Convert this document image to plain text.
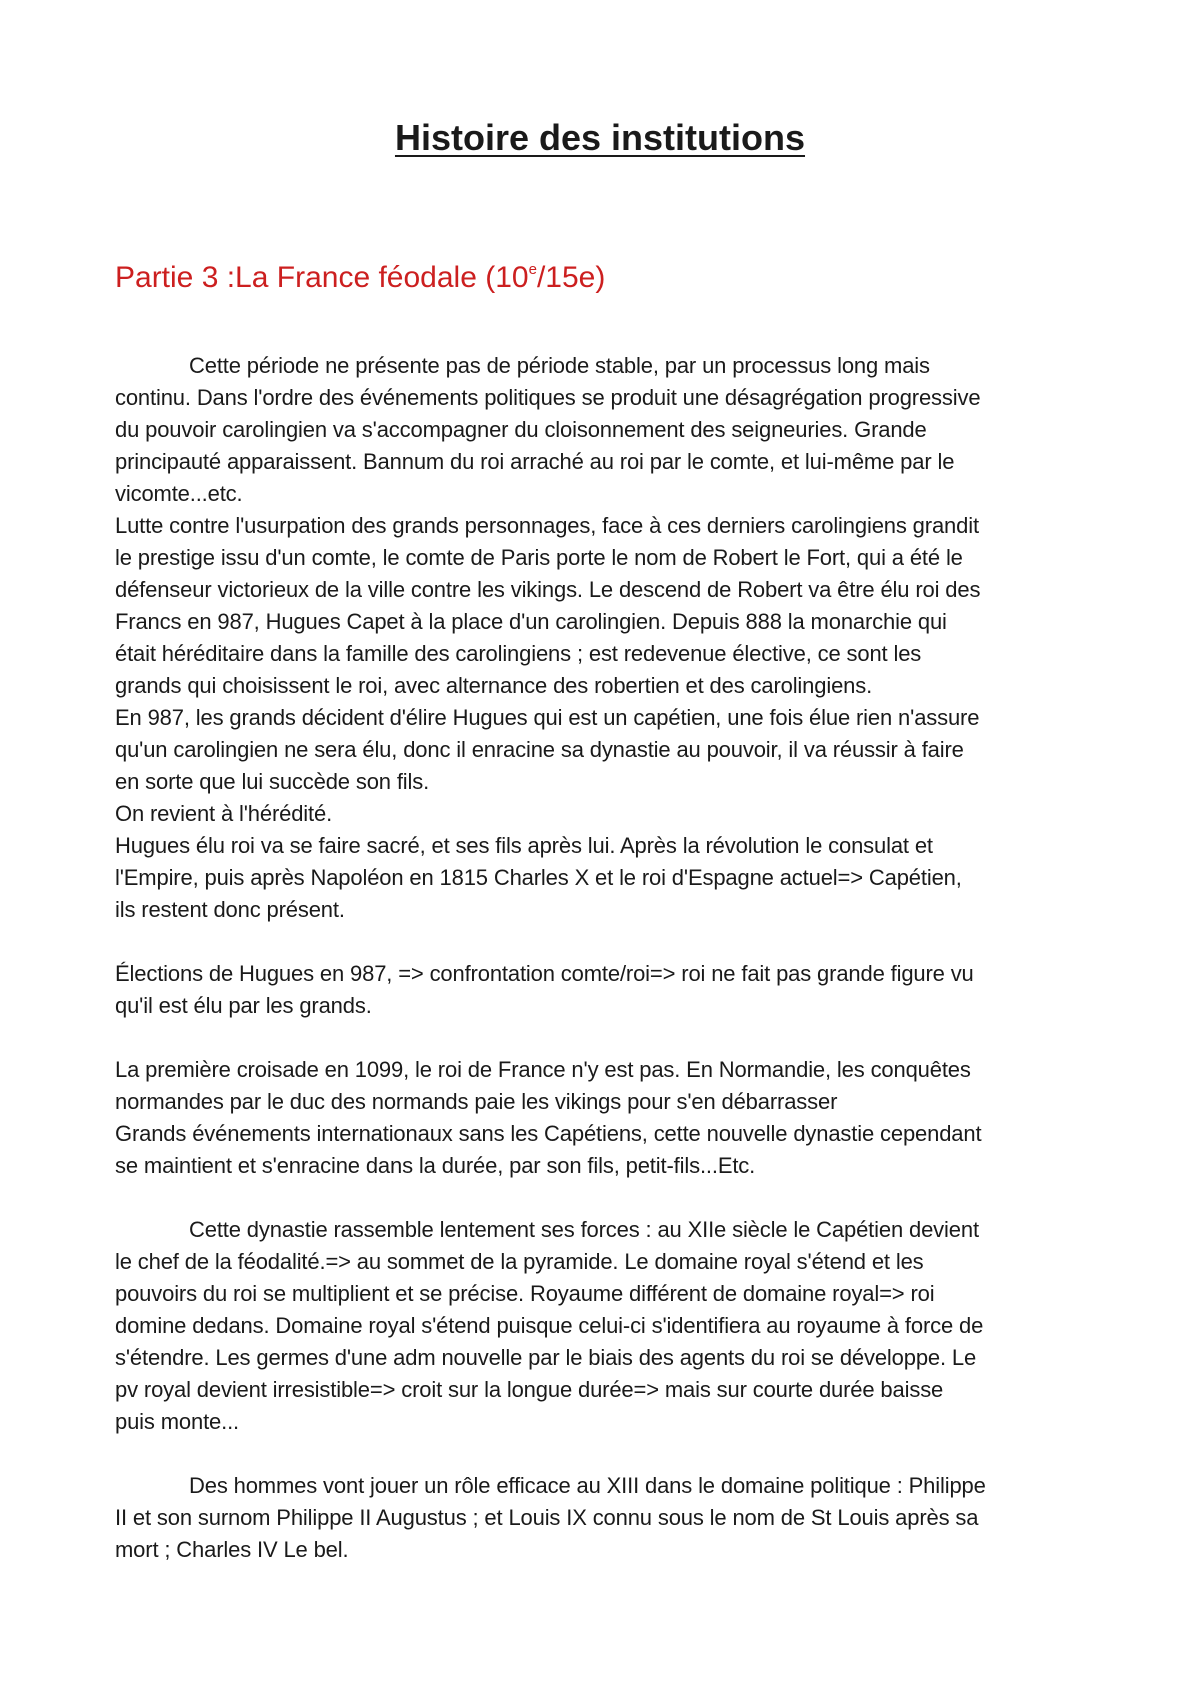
Histoire des institutions
Partie 3 :La France féodale (10e/15e)

Cette période ne présente pas de période stable, par un processus long mais
continu. Dans l'ordre des événements politiques se produit une désagrégation progressive
du pouvoir carolingien va s'accompagner du cloisonnement des seigneuries. Grande
principauté apparaissent. Bannum du roi arraché au roi par le comte, et lui-même par le
vicomte...etc.

Lutte contre l'usurpation des grands personnages, face à ces derniers carolingiens grandit
le prestige issu d'un comte, le comte de Paris porte le nom de Robert le Fort, qui a été le
défenseur victorieux de la ville contre les vikings. Le descend de Robert va être élu roi des
Francs en 987, Hugues Capet à la place d'un carolingien. Depuis 888 la monarchie qui
était héréditaire dans la famille des carolingiens ; est redevenue élective, ce sont les
grands qui choisissent le roi, avec alternance des robertien et des carolingiens.

En 987, les grands décident d'élire Hugues qui est un capétien, une fois élue rien n'assure
qu'un carolingien ne sera élu, donc il enracine sa dynastie au pouvoir, il va réussir à faire
en sorte que lui succède son fils.

On revient à l'hérédité.

Hugues élu roi va se faire sacré, et ses fils après lui. Après la révolution le consulat et
l'Empire, puis après Napoléon en 1815 Charles X et le roi d'Espagne actuel=> Capétien,
ils restent donc présent.

Élections de Hugues en 987, => confrontation comte/roi=> roi ne fait pas grande figure vu
qu'il est élu par les grands.

La première croisade en 1099, le roi de France n'y est pas. En Normandie, les conquêtes
normandes par le duc des normands paie les vikings pour s'en débarrasser
Grands événements internationaux sans les Capétiens, cette nouvelle dynastie cependant
se maintient et s'enracine dans la durée, par son fils, petit-fils...Etc.

Cette dynastie rassemble lentement ses forces : au XIIe siècle le Capétien devient
le chef de la féodalité.=> au sommet de la pyramide. Le domaine royal s'étend et les
pouvoirs du roi se multiplient et se précise. Royaume différent de domaine royal=> roi
domine dedans. Domaine royal s'étend puisque celui-ci s'identifiera au royaume à force de
s'étendre. Les germes d'une adm nouvelle par le biais des agents du roi se développe. Le
pv royal devient irresistible=> croit sur la longue durée=> mais sur courte durée baisse
puis monte...

Des hommes vont jouer un rôle efficace au XIII dans le domaine politique : Philippe
II et son surnom Philippe II Augustus ; et Louis IX connu sous le nom de St Louis après sa
mort ; Charles IV Le bel.
